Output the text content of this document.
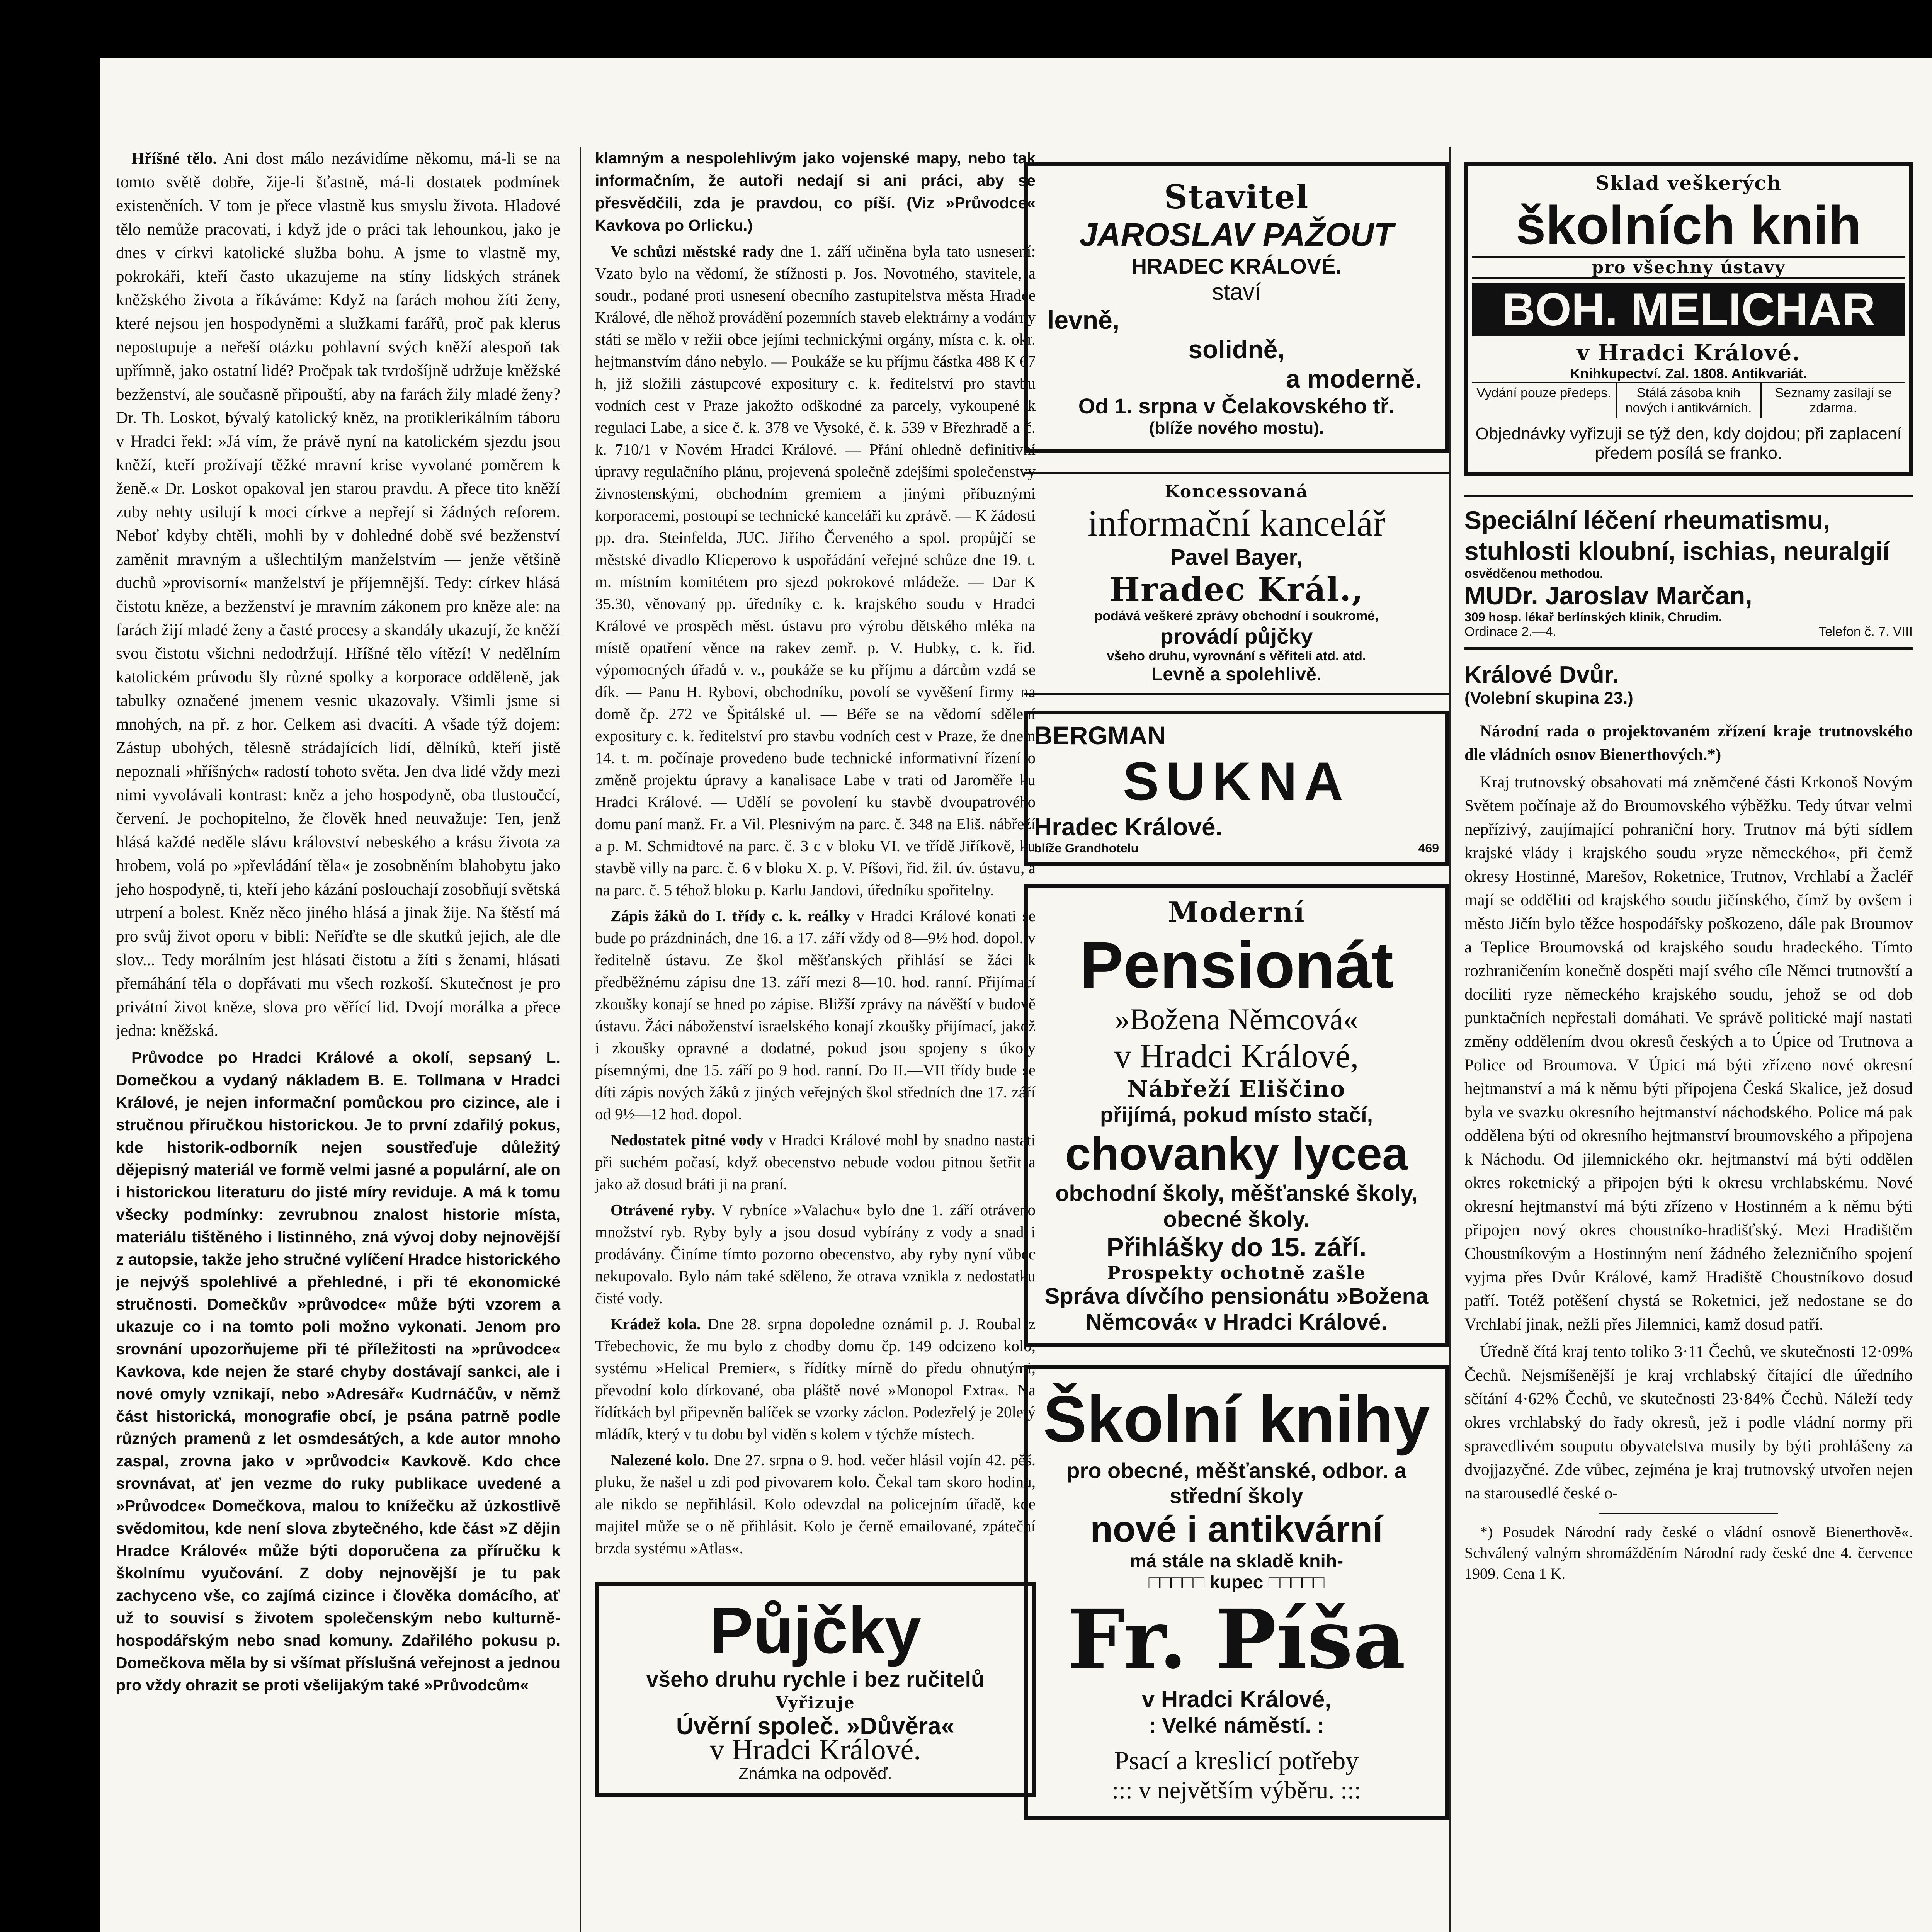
Hříšné tělo. Ani dost málo nezávidíme někomu, má-li se na tomto světě dobře, žije-li šťastně, má-li dostatek podmínek existenčních. V tom je přece vlastně kus smyslu života. Hladové tělo nemůže pracovati, i když jde o práci tak lehounkou, jako je dnes v církvi katolické služba bohu. A jsme to vlastně my, pokrokáři, kteří často ukazujeme na stíny lidských stránek kněžského života a říkáváme: Když na farách mohou žíti ženy, které nejsou jen hospodyněmi a služkami farářů, proč pak klerus nepostupuje a neřeší otázku pohlavní svých kněží alespoň tak upřímně, jako ostatní lidé? Pročpak tak tvrdošíjně udržuje kněžské bezženství, ale současně připouští, aby na farách žily mladé ženy? Dr. Th. Loskot, bývalý katolický kněz, na protiklerikálním táboru v Hradci řekl: »Já vím, že právě nyní na katolickém sjezdu jsou kněží, kteří prožívají těžké mravní krise vyvolané poměrem k ženě.« Dr. Loskot opakoval jen starou pravdu. A přece tito kněží zuby nehty usilují k moci církve a nepřejí si žádných reforem. Neboť kdyby chtěli, mohli by v dohledné době své bezženství zaměnit mravným a ušlechtilým manželstvím — jenže většině duchů »provisorní« manželství je příjemnější. Tedy: církev hlásá čistotu kněze, a bezženství je mravním zákonem pro kněze ale: na farách žijí mladé ženy a časté procesy a skandály ukazují, že kněží svou čistotu všichni nedodržují. Hříšné tělo vítězí! V nedělním katolickém průvodu šly různé spolky a korporace odděleně, jak tabulky označené jmenem vesnic ukazovaly. Všimli jsme si mnohých, na př. z hor. Celkem asi dvacíti. A všade týž dojem: Zástup ubohých, tělesně strádajících lidí, dělníků, kteří jistě nepoznali »hříšných« radostí tohoto světa. Jen dva lidé vždy mezi nimi vyvolávali kontrast: kněz a jeho hospodyně, oba tlustoučcí, červení. Je pochopitelno, že člověk hned neuvažuje: Ten, jenž hlásá každé nedělе slávu království nebeského a krásu života za hrobem, volá po »převládání těla« je zosobněním blahobytu jako jeho hospodyně, ti, kteří jeho kázání poslouchají zosobňují světská utrpení a bolest. Kněz něco jiného hlásá a jinak žije. Na štěstí má pro svůj život oporu v bibli: Neříďte se dle skutků jejich, ale dle slov... Tedy morálním jest hlásati čistotu a žíti s ženami, hlásati přemáhání těla o dopřávati mu všech rozkoší. Skutečnost je pro privátní život kněze, slova pro věřící lid. Dvojí morálka a přece jedna: kněžská.

Průvodce po Hradci Králové a okolí, sepsaný L. Domečkou a vydaný nákladem B. E. Tollmana v Hradci Králové, je nejen informační pomůckou pro cizince, ale i stručnou příručkou historickou. Je to první zdařilý pokus, kde historik-odborník nejen soustřeďuje důležitý dějepisný materiál ve formě velmi jasné a populární, ale on i historickou literaturu do jisté míry reviduje. A má k tomu všecky podmínky: zevrubnou znalost historie místa, materiálu tištěného i listinného, zná vývoj doby nejnovější z autopsie, takže jeho stručné vylíčení Hradce historického je nejvýš spolehlivé a přehledné, i při té ekonomické stručnosti. Domečkův »průvodce« může býti vzorem a ukazuje co i na tomto poli možno vykonati. Jenom pro srovnání upozorňujeme při té příležitosti na »průvodce« Kavkova, kde nejen že staré chyby dostávají sankci, ale i nové omyly vznikají, nebo »Adresář« Kudrnáčův, v němž část historická, monografie obcí, je psána patrně podle různých pramenů z let osmdesátých, a kde autor mnoho zaspal, zrovna jako v »průvodci« Kavkově. Kdo chce srovnávat, ať jen vezme do ruky publikace uvedené a »Průvodce« Domečkova, malou to knížečku až úzkostlivě svědomitou, kde není slova zbytečného, kde část »Z dějin Hradce Králové« může býti doporučena za příručku k školnímu vyučování. Z doby nejnovější je tu pak zachyceno vše, co zajímá cizince i člověka domácího, ať už to souvisí s životem společenským nebo kulturně-hospodářským nebo snad komuny. Zdařilého pokusu p. Domečkova měla by si všímat příslušná veřejnost a jednou pro vždy ohrazit se proti všelijakým také »Průvodcům«

klamným a nespolehlivým jako vojenské mapy, nebo tak informačním, že autoři nedají si ani práci, aby se přesvědčili, zda je pravdou, co píší. (Viz »Průvodce« Kavkova po Orlicku.)

Ve schůzi městské rady dne 1. září učiněna byla tato usnesení: Vzato bylo na vědomí, že stížnosti p. Jos. Novotného, stavitele, a soudr., podané proti usnesení obecního zastupitelstva města Hradce Králové, dle něhož provádění pozemních staveb elektrárny a vodárny státi se mělo v režii obce jejími technickými orgány, místa c. k. okr. hejtmanstvím dáno nebylo. — Poukáže se ku příjmu částka 488 K 67 h, již složili zástupcové expositury c. k. ředitelství pro stavbu vodních cest v Praze jakožto odškodné za parcely, vykoupené k regulaci Labe, a sice č. k. 378 ve Vysoké, č. k. 539 v Březhradě a č. k. 710/1 v Novém Hradci Králové. — Přání ohledně definitivní úpravy regulačního plánu, projevená společně zdejšími společenstvy živnostenskými, obchodním gremiem a jinými příbuznými korporacemi, postoupí se technické kanceláři ku zprávě. — K žádosti pp. dra. Steinfelda, JUC. Jiřího Červeného a spol. propůjčí se městské divadlo Klicperovo k uspořádání veřejné schůze dne 19. t. m. místním komitétem pro sjezd pokrokové mládeže. — Dar K 35.30, věnovaný pp. úředníky c. k. krajského soudu v Hradci Králové ve prospěch měst. ústavu pro výrobu dětského mléka na místě opatření věnce na rakev zemř. p. V. Hubky, c. k. řid. výpomocných úřadů v. v., poukáže se ku příjmu a dárcům vzdá se dík. — Panu H. Rybovi, obchodníku, povolí se vyvěšení firmy na domě čp. 272 ve Špitálské ul. — Béře se na vědomí sdělení expositury c. k. ředitelství pro stavbu vodních cest v Praze, že dnem 14. t. m. počínaje provedeno bude technické informativní řízení o změně projektu úpravy a kanalisace Labe v trati od Jaroměře ku Hradci Králové. — Udělí se povolení ku stavbě dvoupatrového domu paní manž. Fr. a Vil. Plesnivým na parc. č. 348 na Eliš. nábřeží a p. M. Schmidtové na parc. č. 3 c v bloku VI. ve třídě Jiříkově, ku stavbě villy na parc. č. 6 v bloku X. p. V. Píšovi, řid. žil. úv. ústavu, a na parc. č. 5 téhož bloku p. Karlu Jandovi, úředníku spořitelny.

Zápis žáků do I. třídy c. k. reálky v Hradci Králové konati se bude po prázdninách, dne 16. a 17. září vždy od 8—9½ hod. dopol. v ředitelně ústavu. Ze škol měšťanských přihlásí se žáci k předběžnému zápisu dne 13. září mezi 8—10. hod. ranní. Přijímací zkoušky konají se hned po zápise. Bližší zprávy na návěští v budově ústavu. Žáci náboženství israelského konají zkoušky přijímací, jakož i zkoušky opravné a dodatné, pokud jsou spojeny s úkoly písemnými, dne 15. září po 9 hod. ranní. Do II.—VII třídy bude se díti zápis nových žáků z jiných veřejných škol středních dne 17. září od 9½—12 hod. dopol.

Nedostatek pitné vody v Hradci Králové mohl by snadno nastati při suchém počasí, když obecenstvo nebude vodou pitnou šetřit a jako až dosud bráti ji na praní.

Otrávené ryby. V rybníce »Valachu« bylo dne 1. září otráveno množství ryb. Ryby byly a jsou dosud vybírány z vody a snad i prodávány. Činíme tímto pozorno obecenstvo, aby ryby nyní vůbec nekupovalo. Bylo nám také sděleno, že otrava vznikla z nedostatku čisté vody.

Krádež kola. Dne 28. srpna dopoledne oznámil p. J. Roubal z Třebechovic, že mu bylo z chodby domu čp. 149 odcizeno kolo, systému »Helical Premier«, s řídítky mírně do předu ohnutými, převodní kolo dírkované, oba pláště nové »Monopol Extra«. Na řídítkách byl připevněn balíček se vzorky záclon. Podezřelý je 20letý mládík, který v tu dobu byl viděn s kolem v týchže místech.

Nalezené kolo. Dne 27. srpna o 9. hod. večer hlásil vojín 42. pěš. pluku, že našel u zdi pod pivovarem kolo. Čekal tam skoro hodinu, ale nikdo se nepřihlásil. Kolo odevzdal na policejním úřadě, kde majitel může se o ně přihlásit. Kolo je černě emailované, zpáteční brzda systému »Atlas«.

Půjčky
všeho druhu rychle i bez ručitelů
Vyřizuje
Úvěrní společ. »Důvěra«
v Hradci Králové.
Známka na odpověď.
Stavitel
JAROSLAV PAŽOUT
HRADEC KRÁLOVÉ.
staví
levně,
solidně,
a moderně.
Od 1. srpna v Čelakovského tř.
(blíže nového mostu).
Koncessovaná
informační kancelář
Pavel Bayer,
Hradec Král.,
podává veškeré zprávy obchodní i soukromé,
provádí půjčky
všeho druhu, vyrovnání s věřiteli atd. atd.
Levně a spolehlivě.
BERGMAN
SUKNA
Hradec Králové.
blíže Grandhotelu	469
Moderní
Pensionát
»Božena Němcová«
v Hradci Králové,
Nábřeží Eliščino
přijímá, pokud místo stačí,
chovanky lycea
obchodní školy, měšťanské školy,
obecné školy.
Přihlášky do 15. září.
Prospekty ochotně zašle
Správa dívčího pensionátu »Božena Němcová« v Hradci Králové.
Školní knihy
pro obecné, měšťanské, odbor. a střední školy
nové i antikvární
má stále na skladě knih-
□□□□□ kupec □□□□□
Fr. Píša
v Hradci Králové,
: Velké náměstí. :
Psací a kreslicí potřeby
::: v největším výběru. :::
Sklad veškerých
školních knih
pro všechny ústavy
BOH. MELICHAR
v Hradci Králové.
Knihkupectví. Zal. 1808. Antikvariát.
Vydání pouze předeps.	Stálá zásoba knih nových i antikvárních.
Seznamy zasílají se zdarma.
Objednávky vyřizuji se týž den, kdy dojdou; při zaplacení předem posílá se franko.
Speciální léčení rheumatismu, stuhlosti kloubní, ischias, neuralgií
osvědčenou methodou.
MUDr. Jaroslav Marčan,
309 hosp. lékař berlínských klinik, Chrudim.
Ordinace 2.—4.	Telefon č. 7. VIII
Králové Dvůr.
(Volební skupina 23.)

Národní rada o projektovaném zřízení kraje trutnovského dle vládních osnov Bienerthových.*)

Kraj trutnovský obsahovati má zněmčené části Krkonoš Novým Světem počínaje až do Broumovského výběžku. Tedy útvar velmi nepřízivý, zaujímající pohraniční hory. Trutnov má býti sídlem krajské vlády i krajského soudu »ryze německého«, při čemž okresy Hostinné, Marešov, Roketnice, Trutnov, Vrchlabí a Žacléř mají se odděliti od krajského soudu jičínského, čímž by ovšem i město Jičín bylo těžce hospodářsky poškozeno, dále pak Broumov a Teplice Broumovská od krajského soudu hradeckého. Tímto rozhraničením konečně dospěti mají svého cíle Němci trutnovští a docíliti ryze německého krajského soudu, jehož se od dob punktačních nepřestali domáhati. Ve správě politické mají nastati změny oddělením dvou okresů českých a to Úpice od Trutnova a Police od Broumova. V Úpici má býti zřízeno nové okresní hejtmanství a má k němu býti připojena Česká Skalice, jež dosud byla ve svazku okresního hejtmanství náchodského. Police má pak oddělena býti od okresního hejtmanství broumovského a připojena k Náchodu. Od jilemnického okr. hejtmanství má býti oddělen okres roketnický a připojen býti k okresu vrchlabskému. Nové okresní hejtmanství má býti zřízeno v Hostinném a k němu býti připojen nový okres choustníko-hradišťský. Mezi Hradištěm Choustníkovým a Hostinným není žádného železničního spojení vyjma přes Dvůr Králové, kamž Hradiště Choustníkovo dosud patří. Totéž potěšení chystá se Roketnici, jež nedostane se do Vrchlabí jinak, nežli přes Jilemnici, kamž dosud patří.

Úředně čítá kraj tento toliko 3·11 Čechů, ve skutečnosti 12·09% Čechů. Nejsmíšenější je kraj vrchlabský čítající dle úředního sčítání 4·62% Čechů, ve skutečnosti 23·84% Čechů. Náleží tedy okres vrchlabský do řady okresů, jež i podle vládní normy při spravedlivém souputu obyvatelstva musily by býti prohlášeny za dvojjazyčné. Zde vůbec, zejména je kraj trutnovský utvořen nejen na starousedlé české o-

*) Posudek Národní rady české o vládní osnově Bienerthově«. Schválený valným shromážděním Národní rady české dne 4. července 1909. Cena 1 K.
